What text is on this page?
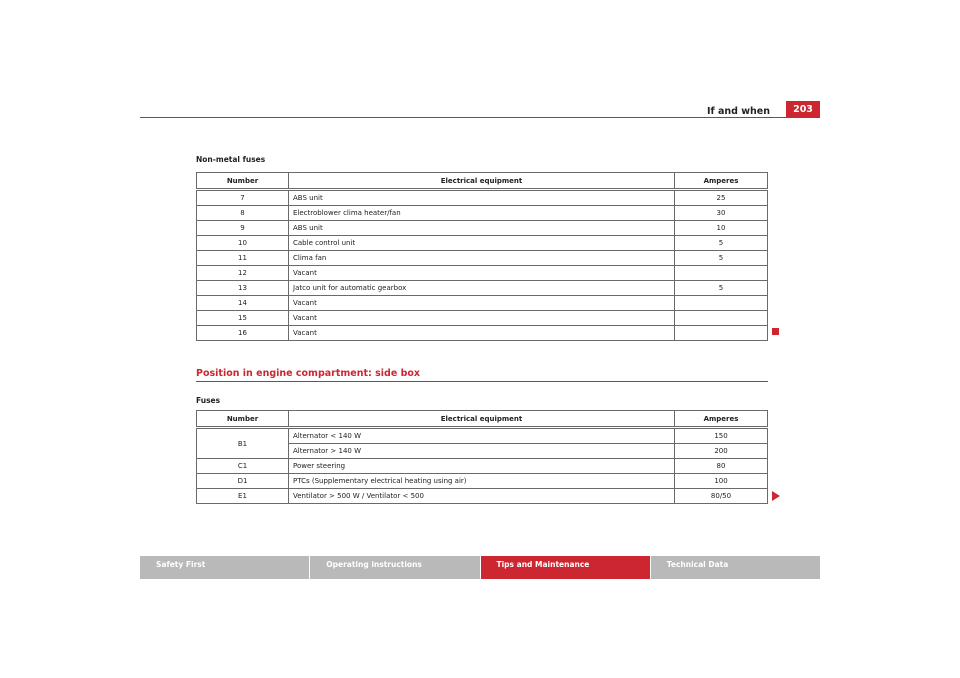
If and when	203
Non-metal fuses
Number	Electrical equipment	Amperes
7	ABS unit	25
8	Electroblower clima heater/fan	30
9	ABS unit	10
10	Cable control unit	5
11	Clima fan	5
12	Vacant	
13	Jatco unit for automatic gearbox	5
14	Vacant	
15	Vacant	
16	Vacant	
Position in engine compartment: side box
Fuses
Number	Electrical equipment	Amperes
B1	Alternator < 140 W	150
	Alternator > 140 W	200
C1	Power steering	80
D1	PTCs (Supplementary electrical heating using air)	100
E1	Ventilator > 500 W / Ventilator < 500	80/50
Safety First	Operating instructions	Tips and Maintenance	Technical Data
